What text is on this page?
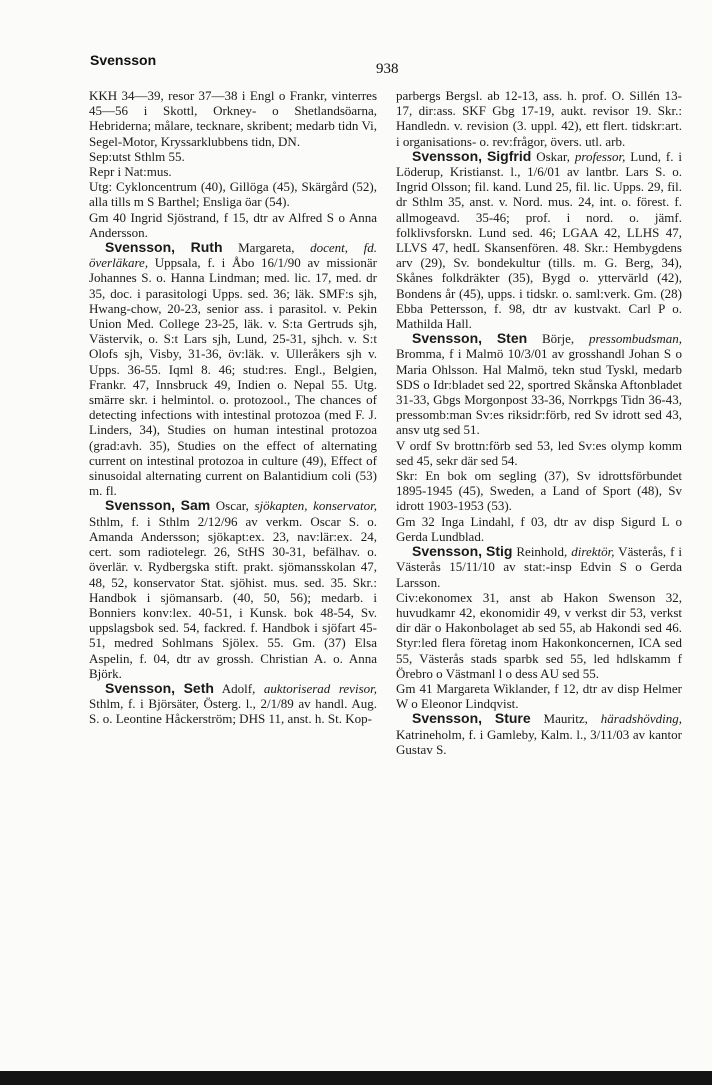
Svensson
938

KKH 34—39, resor 37—38 i Engl o Frankr, vinterres 45—56 i Skottl, Orkney- o Shetlandsöarna, Hebriderna; målare, tecknare, skribent; medarb tidn Vi, Segel-Motor, Kryssarklubbens tidn, DN.

Sep:utst Sthlm 55.

Repr i Nat:mus.

Utg: Cykloncentrum (40), Gillöga (45), Skärgård (52), alla tills m S Barthel; Ensliga öar (54).

Gm 40 Ingrid Sjöstrand, f 15, dtr av Alfred S o Anna Andersson.

Svensson, Ruth Margareta, docent, fd. överläkare, Uppsala, f. i Åbo 16/1/90 av missionär Johannes S. o. Hanna Lindman; med. lic. 17, med. dr 35, doc. i parasitologi Upps. sed. 36; läk. SMF:s sjh, Hwang-chow, 20-23, senior ass. i parasitol. v. Pekin Union Med. College 23-25, läk. v. S:ta Gertruds sjh, Västervik, o. S:t Lars sjh, Lund, 25-31, sjhch. v. S:t Olofs sjh, Visby, 31-36, öv:läk. v. Ulleråkers sjh v. Upps. 36-55. Iqml 8. 46; stud:res. Engl., Belgien, Frankr. 47, Innsbruck 49, Indien o. Nepal 55. Utg. smärre skr. i helmintol. o. protozool., The chances of detecting infections with intestinal protozoa (med F. J. Linders, 34), Studies on human intestinal protozoa (grad:avh. 35), Studies on the effect of alternating current on intestinal protozoa in culture (49), Effect of sinusoidal alternating current on Balantidium coli (53) m. fl.

Svensson, Sam Oscar, sjökapten, konservator, Sthlm, f. i Sthlm 2/12/96 av verkm. Oscar S. o. Amanda Andersson; sjökapt:ex. 23, nav:lär:ex. 24, cert. som radiotelegr. 26, StHS 30-31, befälhav. o. överlär. v. Rydbergska stift. prakt. sjömansskolan 47, 48, 52, konservator Stat. sjöhist. mus. sed. 35. Skr.: Handbok i sjömansarb. (40, 50, 56); medarb. i Bonniers konv:lex. 40-51, i Kunsk. bok 48-54, Sv. uppslagsbok sed. 54, fackred. f. Handbok i sjöfart 45-51, medred Sohlmans Sjölex. 55. Gm. (37) Elsa Aspelin, f. 04, dtr av grossh. Christian A. o. Anna Björk.

Svensson, Seth Adolf, auktoriserad revisor, Sthlm, f. i Björsäter, Österg. l., 2/1/89 av handl. Aug. S. o. Leontine Håckerström; DHS 11, anst. h. St. Kop-

parbergs Bergsl. ab 12-13, ass. h. prof. O. Sillén 13-17, dir:ass. SKF Gbg 17-19, aukt. revisor 19. Skr.: Handledn. v. revision (3. uppl. 42), ett flert. tidskr:art. i organisations- o. rev:frågor, övers. utl. arb.

Svensson, Sigfrid Oskar, professor, Lund, f. i Löderup, Kristianst. l., 1/6/01 av lantbr. Lars S. o. Ingrid Olsson; fil. kand. Lund 25, fil. lic. Upps. 29, fil. dr Sthlm 35, anst. v. Nord. mus. 24, int. o. förest. f. allmogeavd. 35-46; prof. i nord. o. jämf. folklivsforskn. Lund sed. 46; LGAA 42, LLHS 47, LLVS 47, hedL Skansenfören. 48. Skr.: Hembygdens arv (29), Sv. bondekultur (tills. m. G. Berg, 34), Skånes folkdräkter (35), Bygd o. yttervärld (42), Bondens år (45), upps. i tidskr. o. saml:verk. Gm. (28) Ebba Pettersson, f. 98, dtr av kustvakt. Carl P o. Mathilda Hall.

Svensson, Sten Börje, pressombudsman, Bromma, f i Malmö 10/3/01 av grosshandl Johan S o Maria Ohlsson. Hal Malmö, tekn stud Tyskl, medarb SDS o Idr:bladet sed 22, sportred Skånska Aftonbladet 31-33, Gbgs Morgonpost 33-36, Norrkpgs Tidn 36-43, pressomb:man Sv:es riksidr:förb, red Sv idrott sed 43, ansv utg sed 51.

V ordf Sv brottn:förb sed 53, led Sv:es olymp komm sed 45, sekr där sed 54.

Skr: En bok om segling (37), Sv idrottsförbundet 1895-1945 (45), Sweden, a Land of Sport (48), Sv idrott 1903-1953 (53).

Gm 32 Inga Lindahl, f 03, dtr av disp Sigurd L o Gerda Lundblad.

Svensson, Stig Reinhold, direktör, Västerås, f i Västerås 15/11/10 av stat:-insp Edvin S o Gerda Larsson.

Civ:ekonomex 31, anst ab Hakon Swenson 32, huvudkamr 42, ekonomidir 49, v verkst dir 53, verkst dir där o Hakonbolaget ab sed 55, ab Hakondi sed 46. Styr:led flera företag inom Hakonkoncernen, ICA sed 55, Västerås stads sparbk sed 55, led hdlskamm f Örebro o Västmanl l o dess AU sed 55.

Gm 41 Margareta Wiklander, f 12, dtr av disp Helmer W o Eleonor Lindqvist.

Svensson, Sture Mauritz, häradshövding, Katrineholm, f. i Gamleby, Kalm. l., 3/11/03 av kantor Gustav S.
